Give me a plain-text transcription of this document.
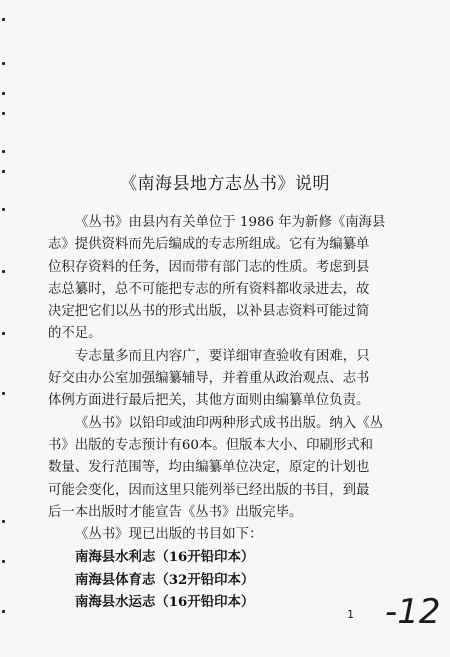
《南海县地方志丛书》说明

《丛书》由县内有关单位于 1986 年为新修《南海县

志》提供资料而先后编成的专志所组成。它有为编纂单

位积存资料的任务，因而带有部门志的性质。考虑到县

志总纂时，总不可能把专志的所有资料都收录进去，故

决定把它们以丛书的形式出版，以补县志资料可能过简

的不足。

专志量多而且内容广，要详细审查验收有困难，只

好交由办公室加强编纂辅导，并着重从政治观点、志书

体例方面进行最后把关，其他方面则由编纂单位负责。

《丛书》以铅印或油印两种形式成书出版。纳入《丛

书》出版的专志预计有60本。但版本大小、印刷形式和

数量、发行范围等，均由编纂单位决定，原定的计划也

可能会变化，因而这里只能列举已经出版的书目，到最

后一本出版时才能宣告《丛书》出版完毕。

《丛书》现已出版的书目如下：

南海县水利志（16开铅印本）

南海县体育志（32开铅印本）

南海县水运志（16开铅印本）

1 -12
